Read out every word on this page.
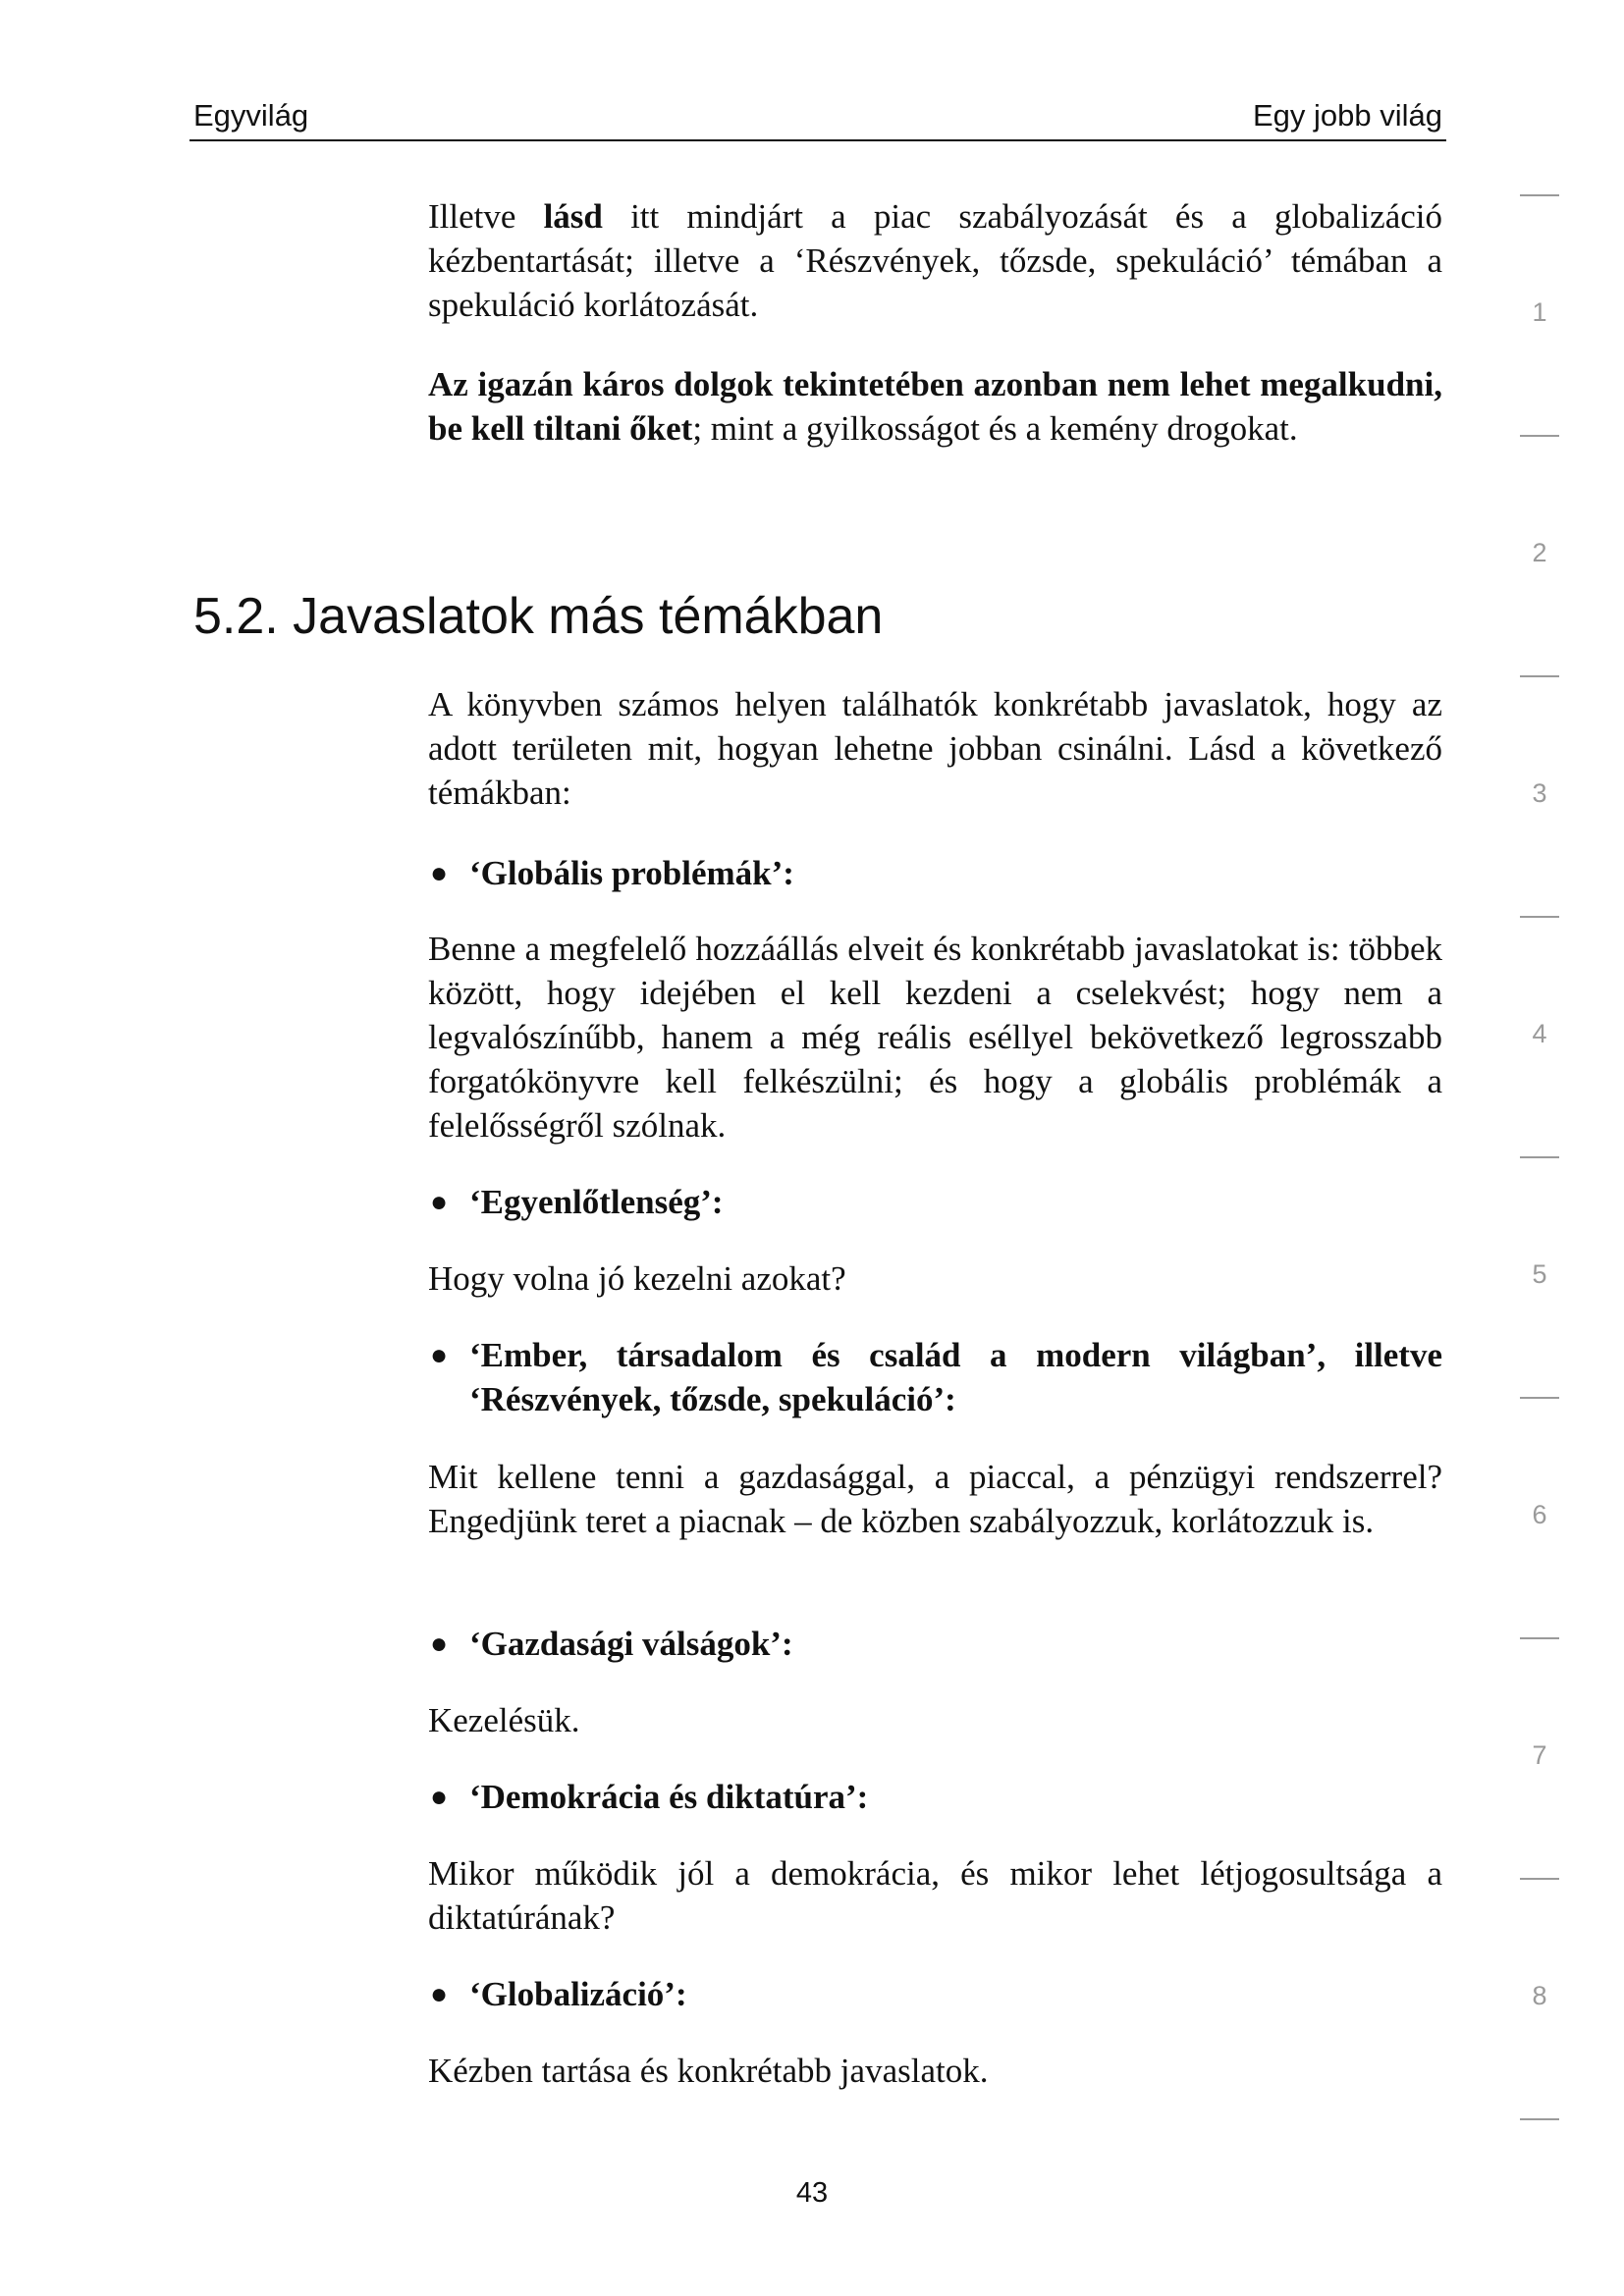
Egyvilág	Egy jobb világ

Illetve lásd itt mindjárt a piac szabályozását és a globalizáció kézbentartását; illetve a ‘Részvények, tőzsde, spekuláció’ témában a spekuláció korlátozását.

Az igazán káros dolgok tekintetében azonban nem lehet megalkudni, be kell tiltani őket; mint a gyilkosságot és a kemény drogokat.

5.2. Javaslatok más témákban

A könyvben számos helyen találhatók konkrétabb javaslatok, hogy az adott területen mit, hogyan lehetne jobban csinálni. Lásd a következő témákban:

● ‘Globális problémák’:

Benne a megfelelő hozzáállás elveit és konkrétabb javaslatokat is: többek között, hogy idejében el kell kezdeni a cselekvést; hogy nem a legvalószínűbb, hanem a még reális eséllyel bekövetkező legrosszabb forgatókönyvre kell felkészülni; és hogy a globális problémák a felelősségről szólnak.

● ‘Egyenlőtlenség’:

Hogy volna jó kezelni azokat?

● ‘Ember, társadalom és család a modern világban’, illetve ‘Részvények, tőzsde, spekuláció’:

Mit kellene tenni a gazdasággal, a piaccal, a pénzügyi rendszerrel? Engedjünk teret a piacnak – de közben szabályozzuk, korlátozzuk is.

● ‘Gazdasági válságok’:

Kezelésük.

● ‘Demokrácia és diktatúra’:

Mikor működik jól a demokrácia, és mikor lehet létjogosultsága a diktatúrának?

● ‘Globalizáció’:

Kézben tartása és konkrétabb javaslatok.

1
2
3
4
5
6
7
8
43
